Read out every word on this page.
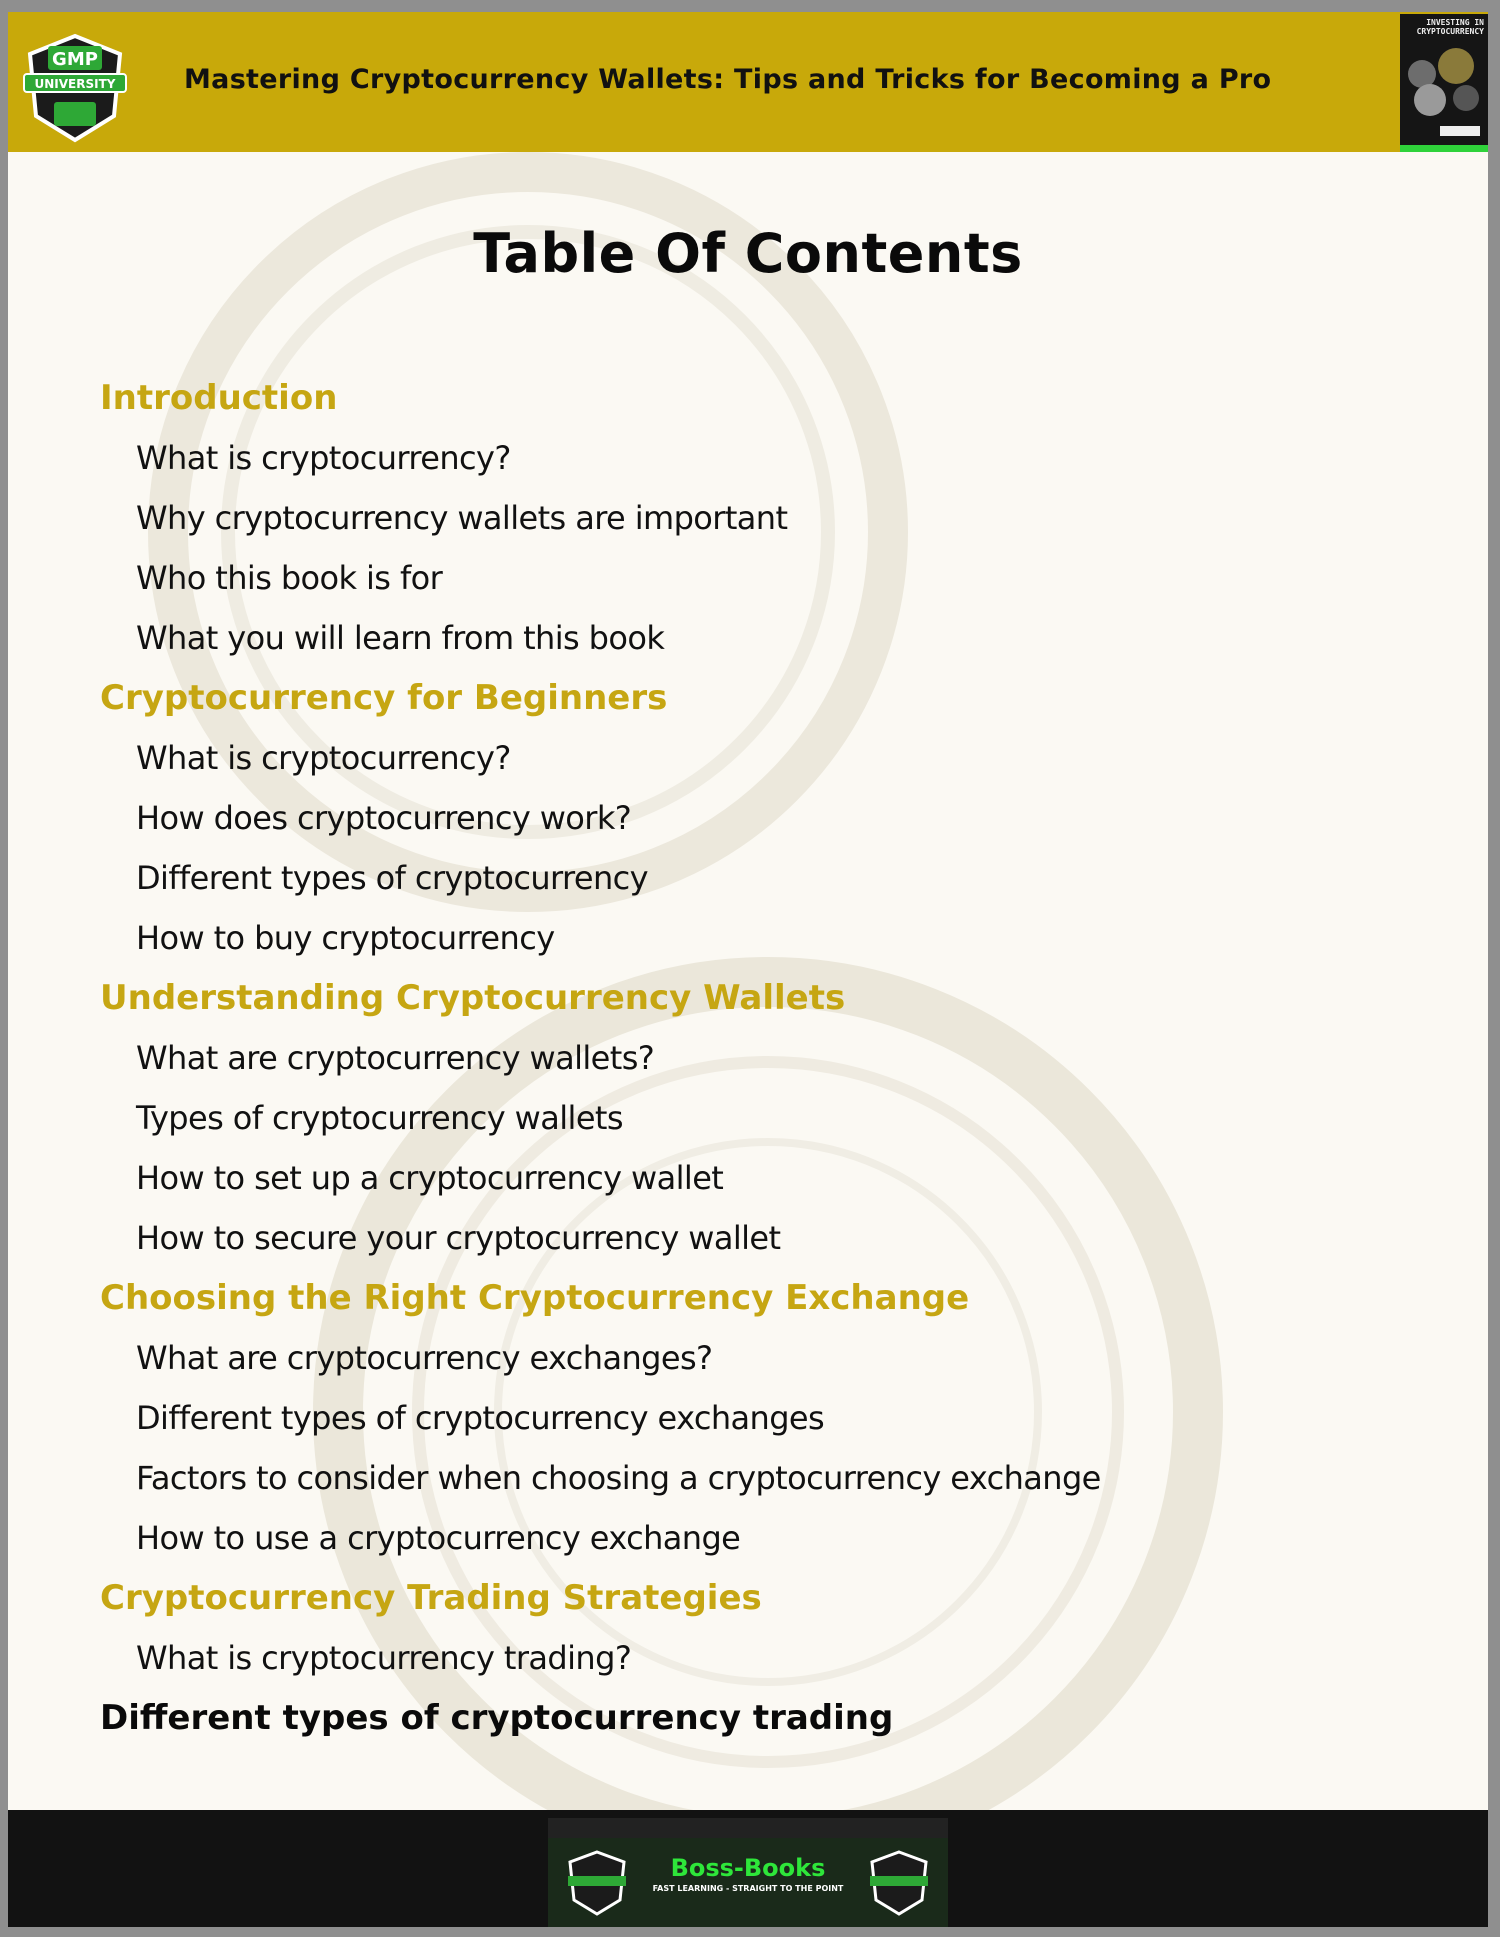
GMP
UNIVERSITY	Mastering Cryptocurrency Wallets: Tips and Tricks for Becoming a Pro
INVESTING IN CRYPTOCURRENCY
Table Of Contents
Introduction
What is cryptocurrency?
Why cryptocurrency wallets are important
Who this book is for
What you will learn from this book
Cryptocurrency for Beginners
What is cryptocurrency?
How does cryptocurrency work?
Different types of cryptocurrency
How to buy cryptocurrency
Understanding Cryptocurrency Wallets
What are cryptocurrency wallets?
Types of cryptocurrency wallets
How to set up a cryptocurrency wallet
How to secure your cryptocurrency wallet
Choosing the Right Cryptocurrency Exchange
What are cryptocurrency exchanges?
Different types of cryptocurrency exchanges
Factors to consider when choosing a cryptocurrency exchange
How to use a cryptocurrency exchange
Cryptocurrency Trading Strategies
What is cryptocurrency trading?
Different types of cryptocurrency trading
Boss-Books
FAST LEARNING - STRAIGHT TO THE POINT
